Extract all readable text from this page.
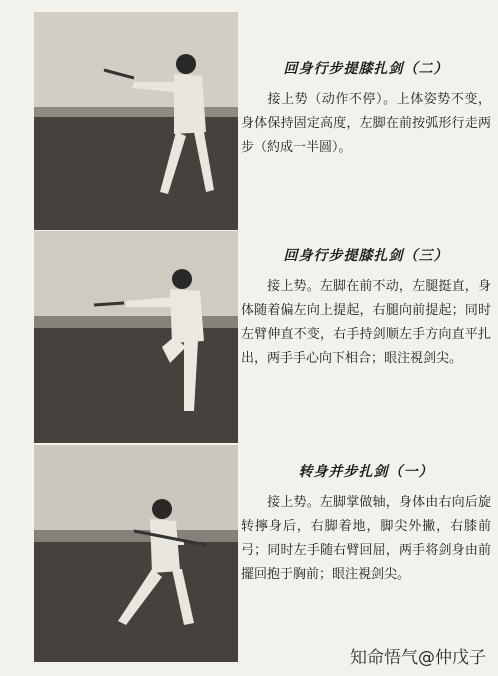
回身行步提膝扎剑（二）

接上势（动作不停）。上体姿势不变，身体保持固定高度，左脚在前按弧形行走两步（約成一半圆）。

回身行步提膝扎剑（三）

接上势。左脚在前不动，左腿挺直，身体随着偏左向上提起，右腿向前提起；同时左臂伸直不变，右手持剑顺左手方向直平扎出，两手手心向下相合；眼注視剑尖。

转身并步扎剑（一）

接上势。左脚掌做轴，身体由右向后旋转擰身后，右脚着地，脚尖外撇，右膝前弓；同时左手随右臂回屈，两手将剑身由前擺回抱于胸前；眼注視剑尖。

知命悟气@仲戊子
